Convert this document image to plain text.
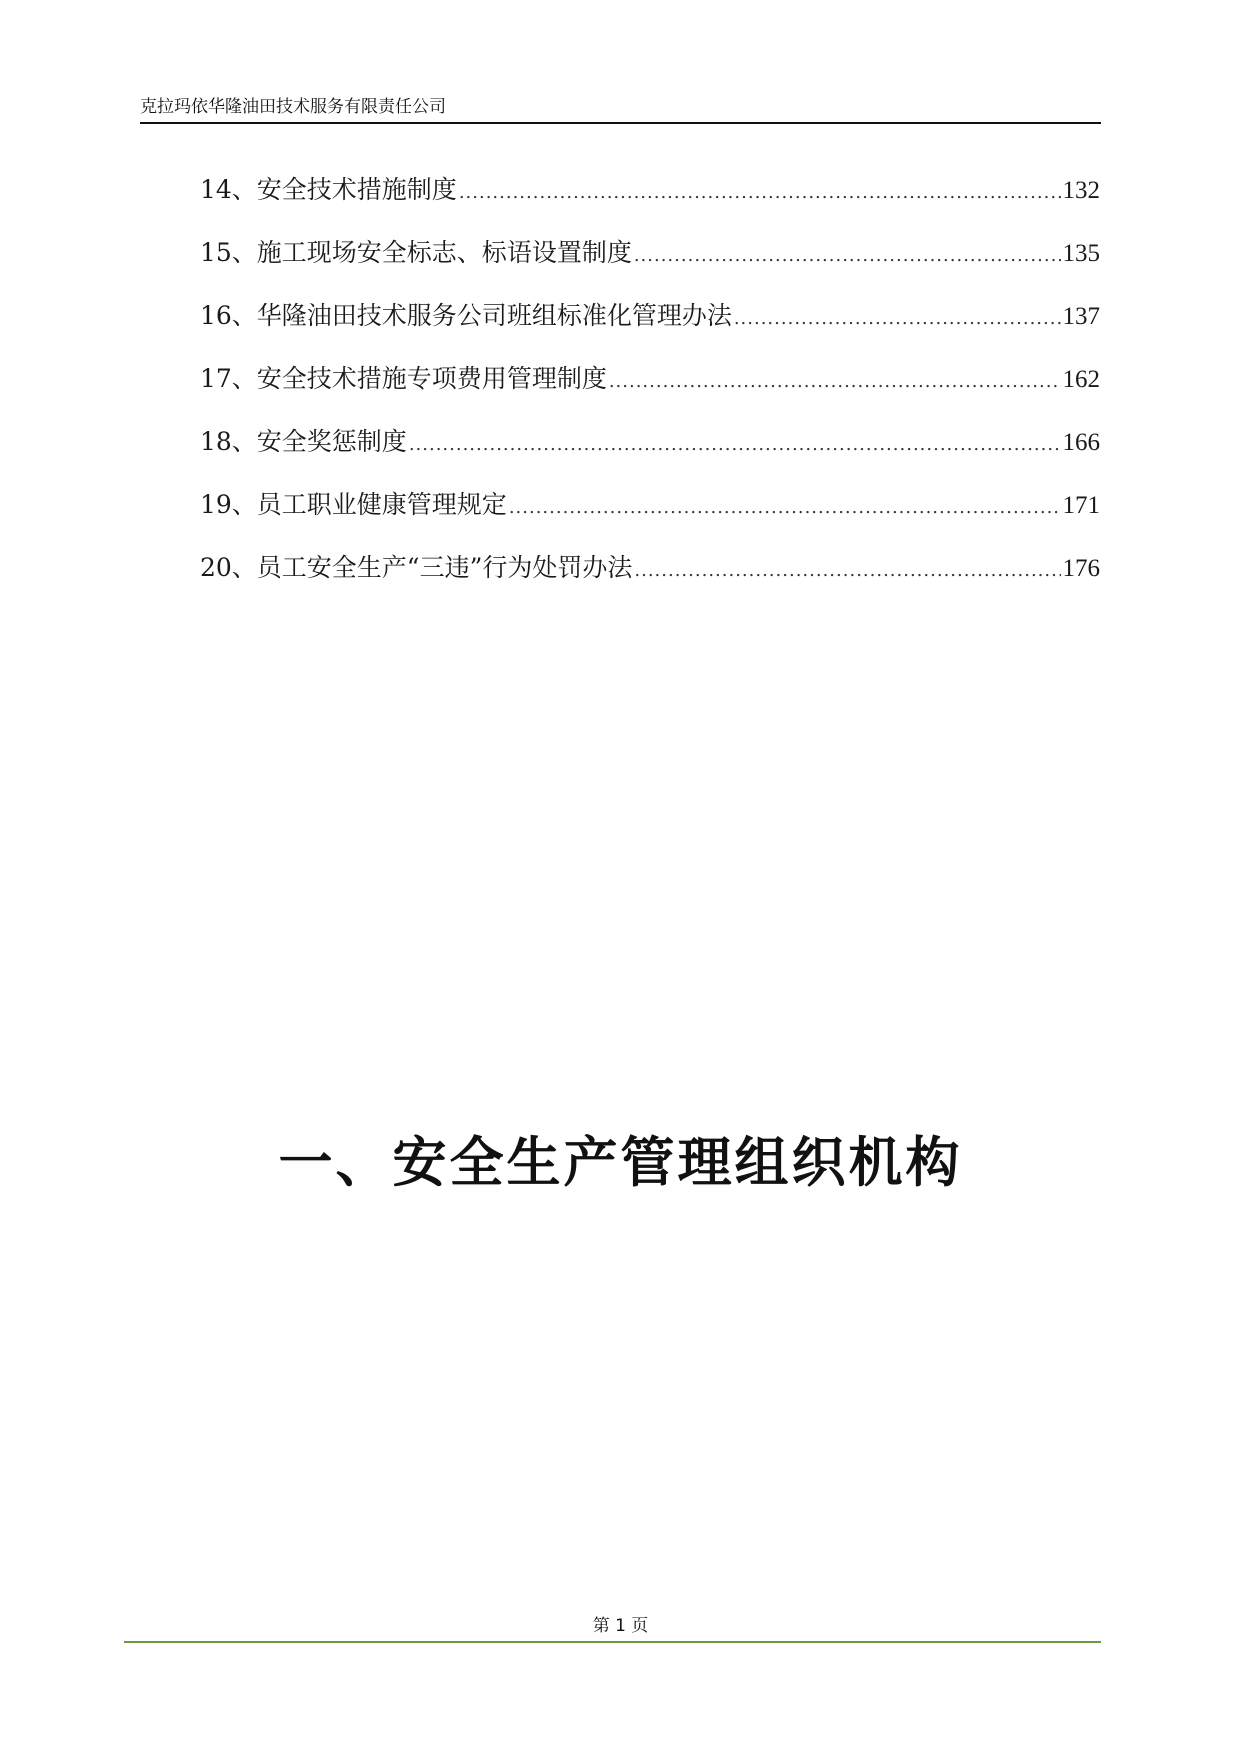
克拉玛依华隆油田技术服务有限责任公司
14、安全技术措施制度 .....	132
15、施工现场安全标志、标语设置制度 .....	135
16、华隆油田技术服务公司班组标准化管理办法 .....	137
17、安全技术措施专项费用管理制度 .....	162
18、安全奖惩制度 .....	166
19、员工职业健康管理规定 .....	171
20、员工安全生产“三违”行为处罚办法 .....	176
一、安全生产管理组织机构
第 1 页
